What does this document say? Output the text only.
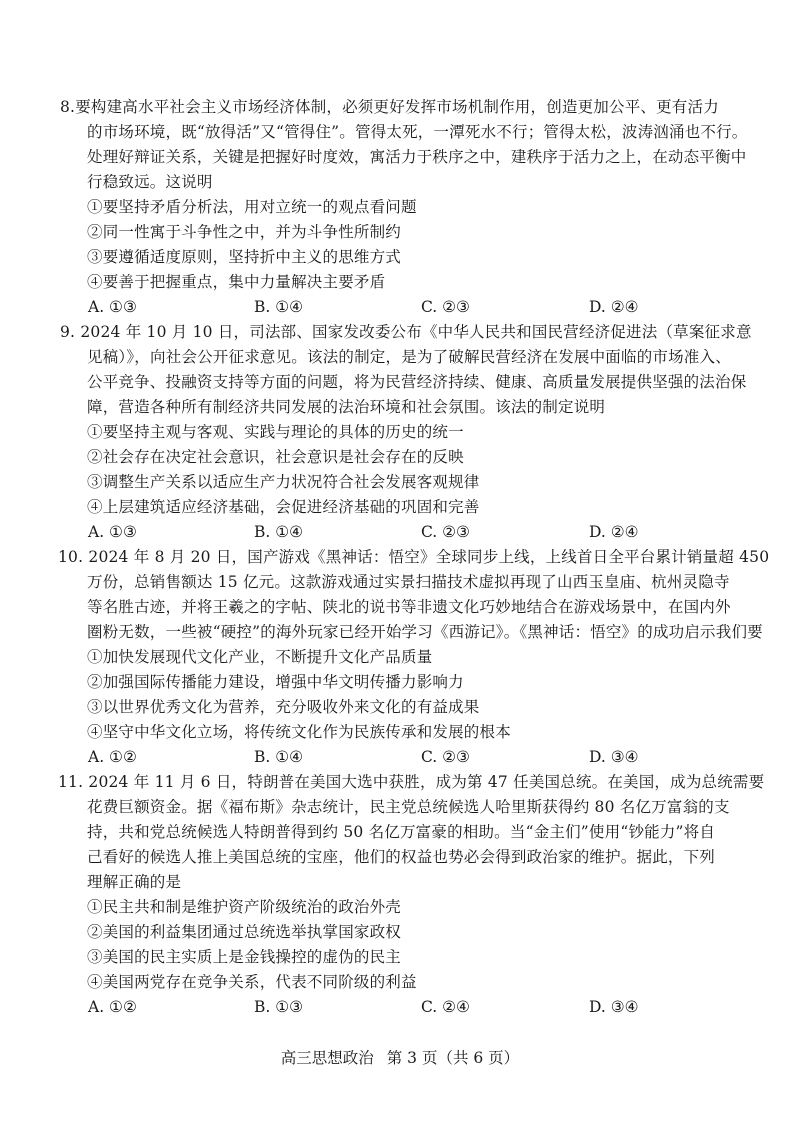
8.要构建高水平社会主义市场经济体制，必须更好发挥市场机制作用，创造更加公平、更有活力
的市场环境，既“放得活”又“管得住”。管得太死，一潭死水不行；管得太松，波涛汹涌也不行。
处理好辩证关系，关键是把握好时度效，寓活力于秩序之中，建秩序于活力之上，在动态平衡中
行稳致远。这说明
①要坚持矛盾分析法，用对立统一的观点看问题
②同一性寓于斗争性之中，并为斗争性所制约
③要遵循适度原则，坚持折中主义的思维方式
④要善于把握重点，集中力量解决主要矛盾
A. ①③	B. ①④	C. ②③	D. ②④
9. 2024 年 10 月 10 日，司法部、国家发改委公布《中华人民共和国民营经济促进法（草案征求意
见稿）》，向社会公开征求意见。该法的制定，是为了破解民营经济在发展中面临的市场准入、
公平竞争、投融资支持等方面的问题，将为民营经济持续、健康、高质量发展提供坚强的法治保
障，营造各种所有制经济共同发展的法治环境和社会氛围。该法的制定说明
①要坚持主观与客观、实践与理论的具体的历史的统一
②社会存在决定社会意识，社会意识是社会存在的反映
③调整生产关系以适应生产力状况符合社会发展客观规律
④上层建筑适应经济基础，会促进经济基础的巩固和完善
A. ①③	B. ①④	C. ②③	D. ②④
10. 2024 年 8 月 20 日，国产游戏《黑神话：悟空》全球同步上线，上线首日全平台累计销量超 450
万份，总销售额达 15 亿元。这款游戏通过实景扫描技术虚拟再现了山西玉皇庙、杭州灵隐寺
等名胜古迹，并将王羲之的字帖、陕北的说书等非遗文化巧妙地结合在游戏场景中，在国内外
圈粉无数，一些被“硬控”的海外玩家已经开始学习《西游记》。《黑神话：悟空》的成功启示我们要
①加快发展现代文化产业，不断提升文化产品质量
②加强国际传播能力建设，增强中华文明传播力影响力
③以世界优秀文化为营养，充分吸收外来文化的有益成果
④坚守中华文化立场，将传统文化作为民族传承和发展的根本
A. ①②	B. ①④	C. ②③	D. ③④
11. 2024 年 11 月 6 日，特朗普在美国大选中获胜，成为第 47 任美国总统。在美国，成为总统需要
花费巨额资金。据《福布斯》杂志统计，民主党总统候选人哈里斯获得约 80 名亿万富翁的支
持，共和党总统候选人特朗普得到约 50 名亿万富豪的相助。当“金主们”使用“钞能力”将自
己看好的候选人推上美国总统的宝座，他们的权益也势必会得到政治家的维护。据此，下列
理解正确的是
①民主共和制是维护资产阶级统治的政治外壳
②美国的利益集团通过总统选举执掌国家政权
③美国的民主实质上是金钱操控的虚伪的民主
④美国两党存在竞争关系，代表不同阶级的利益
A. ①②	B. ①③	C. ②④	D. ③④
高三思想政治 第 3 页（共 6 页）
